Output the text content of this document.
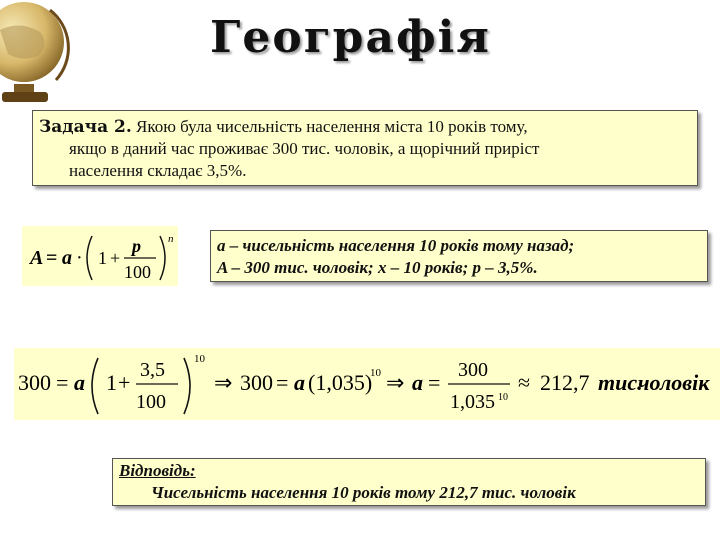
Географія
Задача 2. Якою була чисельність населення міста 10 років тому,
якщо в даний час проживає 300 тис. чоловік, а щорічний приріст
населення складає 3,5%.
A = a · 1 +
p
100
n	a – чисельність населення 10 років тому назад;
A – 300 тис. чоловік; x – 10 років; p – 3,5%.
300 = a 1 + 3,5
100
10
⇒ 300 = a (1,035)
10 ⇒ a = 300
1,035 10
≈ 212,7 тис.
чоловік
Відповідь:
Чисельність населення 10 років тому 212,7 тис. чоловік
